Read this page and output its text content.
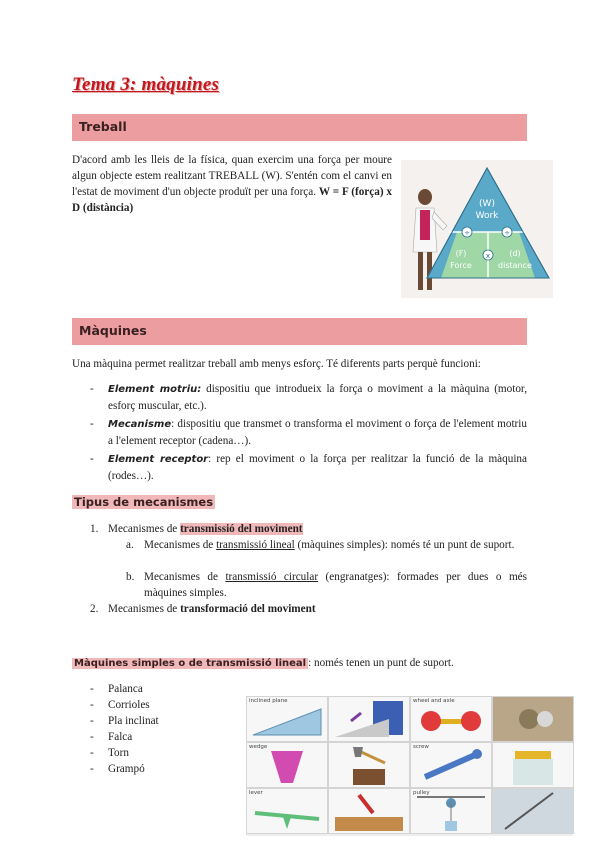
Tema 3: màquines
Treball
D'acord amb les lleis de la física, quan exercim una força per moure algun objecte estem realitzant TREBALL (W). S'entén com el canvi en l'estat de moviment d'un objecte produït per una força. W = F (força) x D (distància)	(W)
Work
÷	÷
x
(F)
Force
(d)
distance
Màquines
Una màquina permet realitzar treball amb menys esforç. Té diferents parts perquè funcioni:
- Element motriu: dispositiu que introdueix la força o moviment a la màquina (motor, esforç muscular, etc.).
- Mecanisme: dispositiu que transmet o transforma el moviment o força de l'element motriu a l'element receptor (cadena…).
- Element receptor: rep el moviment o la força per realitzar la funció de la màquina (rodes…).
Tipus de mecanismes
1. Mecanismes de transmissió del moviment
a. Mecanismes de transmissió lineal (màquines simples): només té un punt de suport.
b. Mecanismes de transmissió circular (engranatges): formades per dues o més màquines simples.
2. Mecanismes de transformació del moviment
Màquines simples o de transmissió lineal : només tenen un punt de suport.
- Palanca
- Corrioles
- Pla inclinat
- Falca
- Torn
- Grampó
inclined plane	wheel and axle
wedge	screw
lever	pulley
